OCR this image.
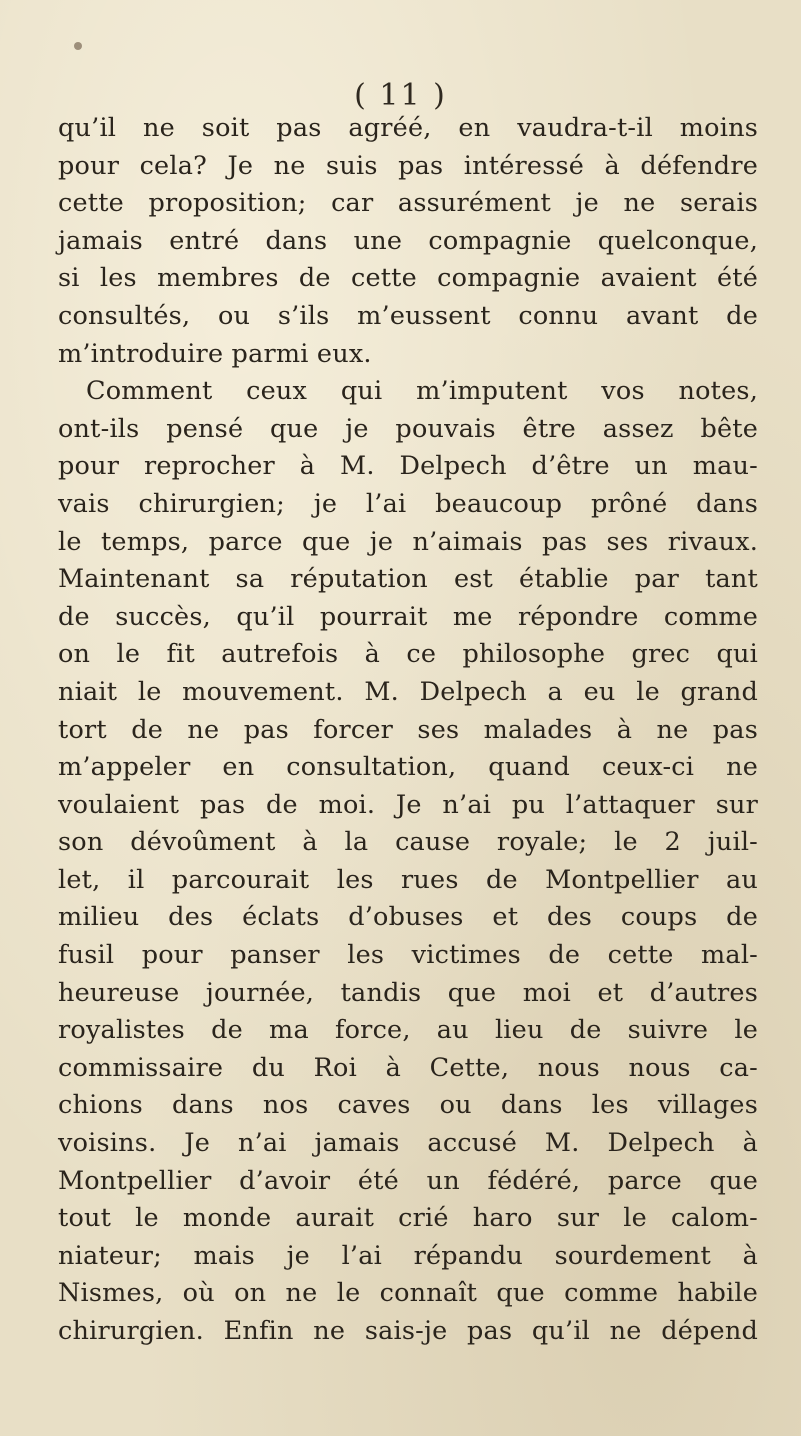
( 11 )
qu’il ne soit pas agréé, en vaudra-t-il moins
pour cela? Je ne suis pas intéressé à défendre
cette proposition; car assurément je ne serais
jamais entré dans une compagnie quelconque,
si les membres de cette compagnie avaient été
consultés, ou s’ils m’eussent connu avant de
m’introduire parmi eux.
Comment ceux qui m’imputent vos notes,
ont-ils pensé que je pouvais être assez bête
pour reprocher à M. Delpech d’être un mau-
vais chirurgien; je l’ai beaucoup prôné dans
le temps, parce que je n’aimais pas ses rivaux.
Maintenant sa réputation est établie par tant
de succès, qu’il pourrait me répondre comme
on le fit autrefois à ce philosophe grec qui
niait le mouvement. M. Delpech a eu le grand
tort de ne pas forcer ses malades à ne pas
m’appeler en consultation, quand ceux-ci ne
voulaient pas de moi. Je n’ai pu l’attaquer sur
son dévoûment à la cause royale; le 2 juil-
let, il parcourait les rues de Montpellier au
milieu des éclats d’obuses et des coups de
fusil pour panser les victimes de cette mal-
heureuse journée, tandis que moi et d’autres
royalistes de ma force, au lieu de suivre le
commissaire du Roi à Cette, nous nous ca-
chions dans nos caves ou dans les villages
voisins. Je n’ai jamais accusé M. Delpech à
Montpellier d’avoir été un fédéré, parce que
tout le monde aurait crié haro sur le calom-
niateur; mais je l’ai répandu sourdement à
Nismes, où on ne le connaît que comme habile
chirurgien. Enfin ne sais-je pas qu’il ne dépend
